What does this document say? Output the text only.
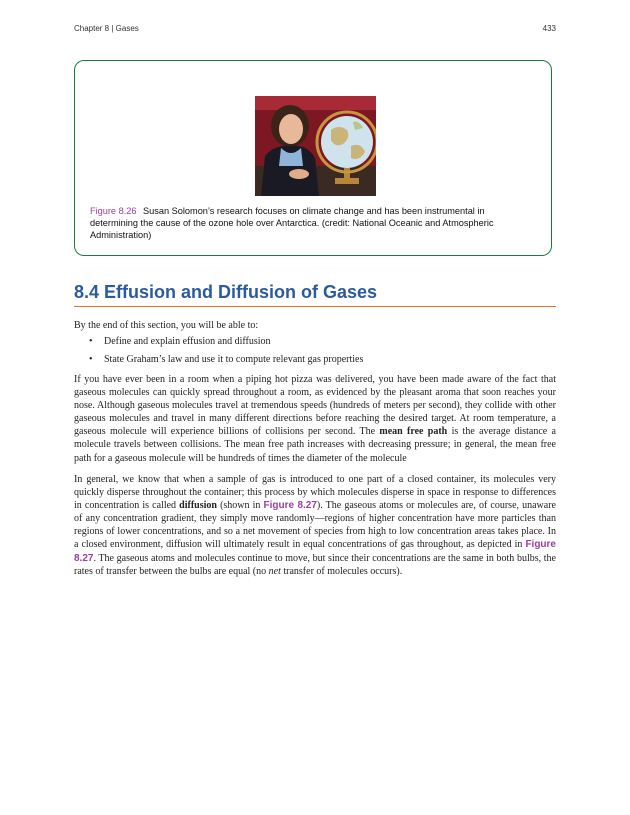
Chapter 8 | Gases	433
Figure 8.26 Susan Solomon’s research focuses on climate change and has been instrumental in determining the cause of the ozone hole over Antarctica. (credit: National Oceanic and Atmospheric Administration)
8.4 Effusion and Diffusion of Gases
By the end of this section, you will be able to:
• Define and explain effusion and diffusion
• State Graham’s law and use it to compute relevant gas properties

If you have ever been in a room when a piping hot pizza was delivered, you have been made aware of the fact that gaseous molecules can quickly spread throughout a room, as evidenced by the pleasant aroma that soon reaches your nose. Although gaseous molecules travel at tremendous speeds (hundreds of meters per second), they collide with other gaseous molecules and travel in many different directions before reaching the desired target. At room temperature, a gaseous molecule will experience billions of collisions per second. The mean free path is the average distance a molecule travels between collisions. The mean free path increases with decreasing pressure; in general, the mean free path for a gaseous molecule will be hundreds of times the diameter of the molecule

In general, we know that when a sample of gas is introduced to one part of a closed container, its molecules very quickly disperse throughout the container; this process by which molecules disperse in space in response to differences in concentration is called diffusion (shown in Figure 8.27). The gaseous atoms or molecules are, of course, unaware of any concentration gradient, they simply move randomly—regions of higher concentration have more particles than regions of lower concentrations, and so a net movement of species from high to low concentration areas takes place. In a closed environment, diffusion will ultimately result in equal concentrations of gas throughout, as depicted in Figure 8.27. The gaseous atoms and molecules continue to move, but since their concentrations are the same in both bulbs, the rates of transfer between the bulbs are equal (no net transfer of molecules occurs).
